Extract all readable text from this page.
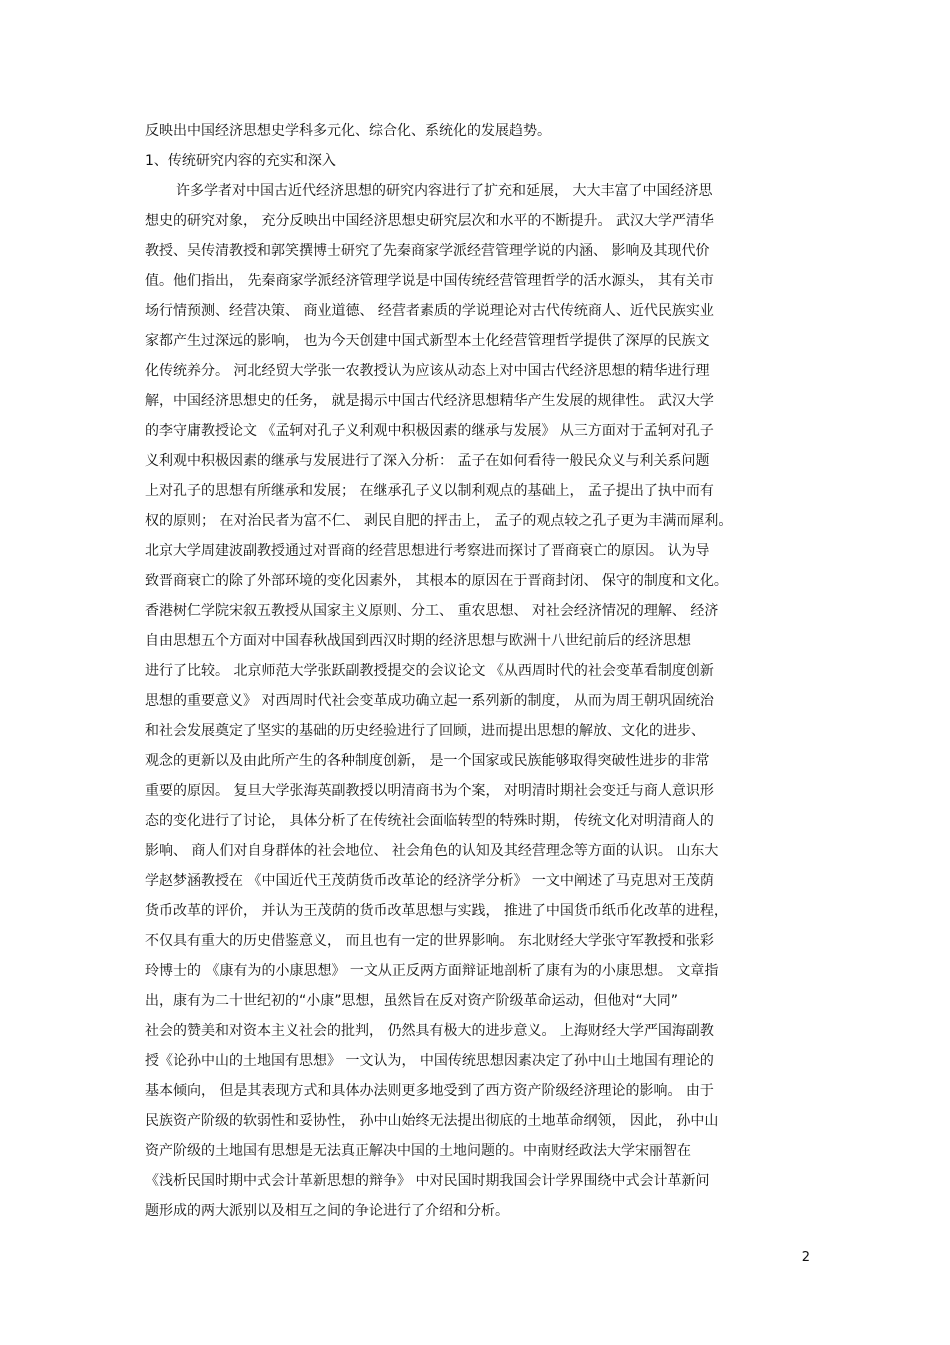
反映出中国经济思想史学科多元化、综合化、系统化的发展趋势。
1、传统研究内容的充实和深入
许多学者对中国古近代经济思想的研究内容进行了扩充和延展， 大大丰富了中国经济思
想史的研究对象， 充分反映出中国经济思想史研究层次和水平的不断提升。 武汉大学严清华
教授、吴传清教授和郭笑撰博士研究了先秦商家学派经营管理学说的内涵、 影响及其现代价
值。他们指出， 先秦商家学派经济管理学说是中国传统经营管理哲学的活水源头， 其有关市
场行情预测、经营决策、 商业道德、 经营者素质的学说理论对古代传统商人、近代民族实业
家都产生过深远的影响， 也为今天创建中国式新型本土化经营管理哲学提供了深厚的民族文
化传统养分。 河北经贸大学张一农教授认为应该从动态上对中国古代经济思想的精华进行理
解，中国经济思想史的任务， 就是揭示中国古代经济思想精华产生发展的规律性。 武汉大学
的李守庸教授论文 《孟轲对孔子义利观中积极因素的继承与发展》 从三方面对于孟轲对孔子
义利观中积极因素的继承与发展进行了深入分析： 孟子在如何看待一般民众义与利关系问题
上对孔子的思想有所继承和发展； 在继承孔子义以制利观点的基础上， 孟子提出了执中而有
权的原则； 在对治民者为富不仁、 剥民自肥的抨击上， 孟子的观点较之孔子更为丰满而犀利。
北京大学周建波副教授通过对晋商的经营思想进行考察进而探讨了晋商衰亡的原因。 认为导
致晋商衰亡的除了外部环境的变化因素外， 其根本的原因在于晋商封闭、 保守的制度和文化。
香港树仁学院宋叙五教授从国家主义原则、分工、 重农思想、 对社会经济情况的理解、 经济
自由思想五个方面对中国春秋战国到西汉时期的经济思想与欧洲十八世纪前后的经济思想
进行了比较。 北京师范大学张跃副教授提交的会议论文 《从西周时代的社会变革看制度创新
思想的重要意义》 对西周时代社会变革成功确立起一系列新的制度， 从而为周王朝巩固统治
和社会发展奠定了坚实的基础的历史经验进行了回顾，进而提出思想的解放、文化的进步、
观念的更新以及由此所产生的各种制度创新， 是一个国家或民族能够取得突破性进步的非常
重要的原因。 复旦大学张海英副教授以明清商书为个案， 对明清时期社会变迁与商人意识形
态的变化进行了讨论， 具体分析了在传统社会面临转型的特殊时期， 传统文化对明清商人的
影响、 商人们对自身群体的社会地位、 社会角色的认知及其经营理念等方面的认识。 山东大
学赵梦涵教授在 《中国近代王茂荫货币改革论的经济学分析》 一文中阐述了马克思对王茂荫
货币改革的评价， 并认为王茂荫的货币改革思想与实践， 推进了中国货币纸币化改革的进程，
不仅具有重大的历史借鉴意义， 而且也有一定的世界影响。 东北财经大学张守军教授和张彩
玲博士的 《康有为的小康思想》 一文从正反两方面辩证地剖析了康有为的小康思想。 文章指
出，康有为二十世纪初的“小康”思想，虽然旨在反对资产阶级革命运动，但他对“大同”
社会的赞美和对资本主义社会的批判， 仍然具有极大的进步意义。 上海财经大学严国海副教
授《论孙中山的土地国有思想》 一文认为， 中国传统思想因素决定了孙中山土地国有理论的
基本倾向， 但是其表现方式和具体办法则更多地受到了西方资产阶级经济理论的影响。 由于
民族资产阶级的软弱性和妥协性， 孙中山始终无法提出彻底的土地革命纲领， 因此， 孙中山
资产阶级的土地国有思想是无法真正解决中国的土地问题的。中南财经政法大学宋丽智在
《浅析民国时期中式会计革新思想的辩争》 中对民国时期我国会计学界围绕中式会计革新问
题形成的两大派别以及相互之间的争论进行了介绍和分析。
2
